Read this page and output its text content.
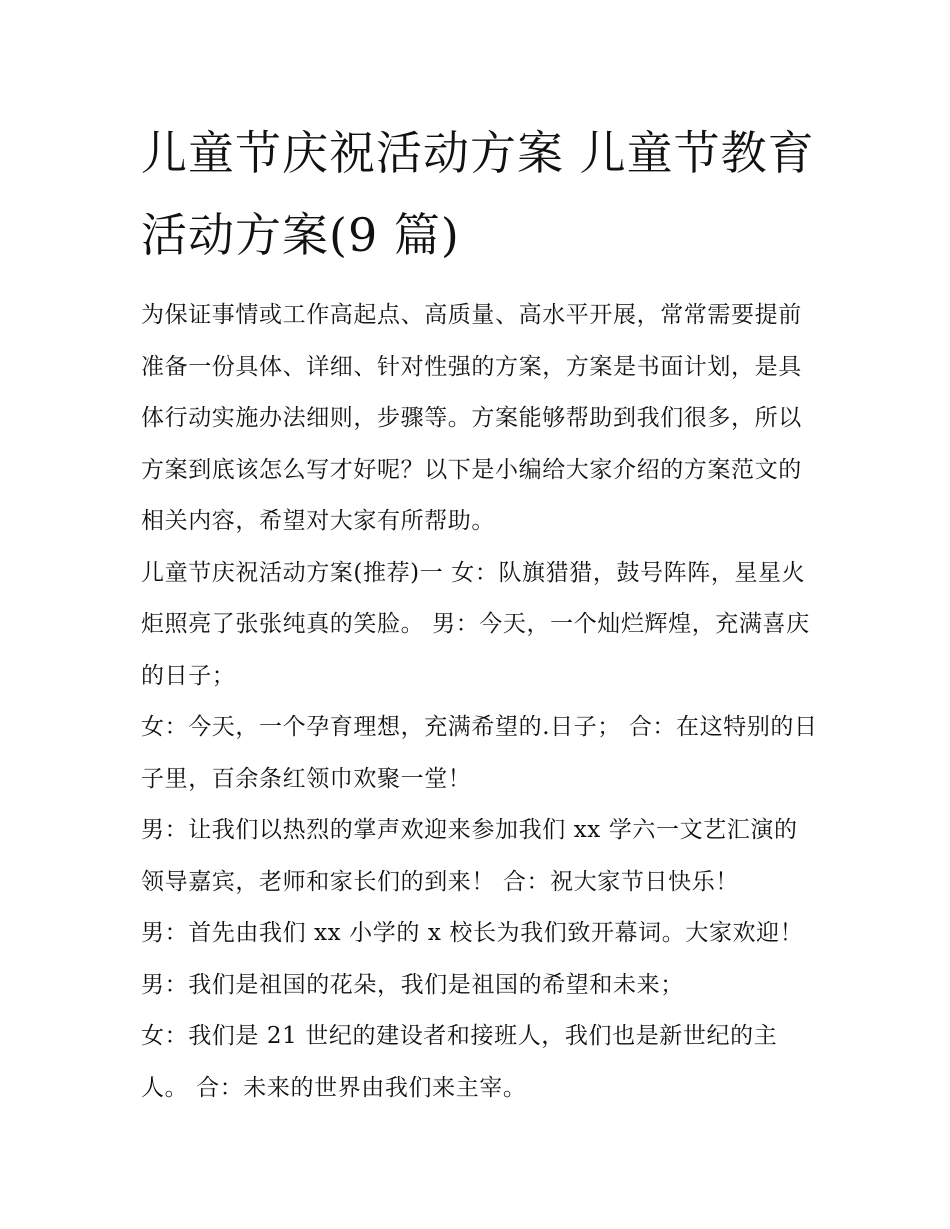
儿童节庆祝活动方案 儿童节教育活动方案(9 篇)

为保证事情或工作高起点、高质量、高水平开展，常常需要提前准备一份具体、详细、针对性强的方案，方案是书面计划，是具体行动实施办法细则，步骤等。方案能够帮助到我们很多，所以方案到底该怎么写才好呢？以下是小编给大家介绍的方案范文的相关内容，希望对大家有所帮助。

儿童节庆祝活动方案(推荐)一 女：队旗猎猎，鼓号阵阵，星星火炬照亮了张张纯真的笑脸。 男：今天，一个灿烂辉煌，充满喜庆的日子；

女：今天，一个孕育理想，充满希望的.日子； 合：在这特别的日子里，百余条红领巾欢聚一堂！

男：让我们以热烈的掌声欢迎来参加我们 xx 学六一文艺汇演的领导嘉宾，老师和家长们的到来！ 合：祝大家节日快乐！

男：首先由我们 xx 小学的 x 校长为我们致开幕词。大家欢迎！ 男：我们是祖国的花朵，我们是祖国的希望和未来；

女：我们是 21 世纪的建设者和接班人，我们也是新世纪的主人。 合：未来的世界由我们来主宰。
